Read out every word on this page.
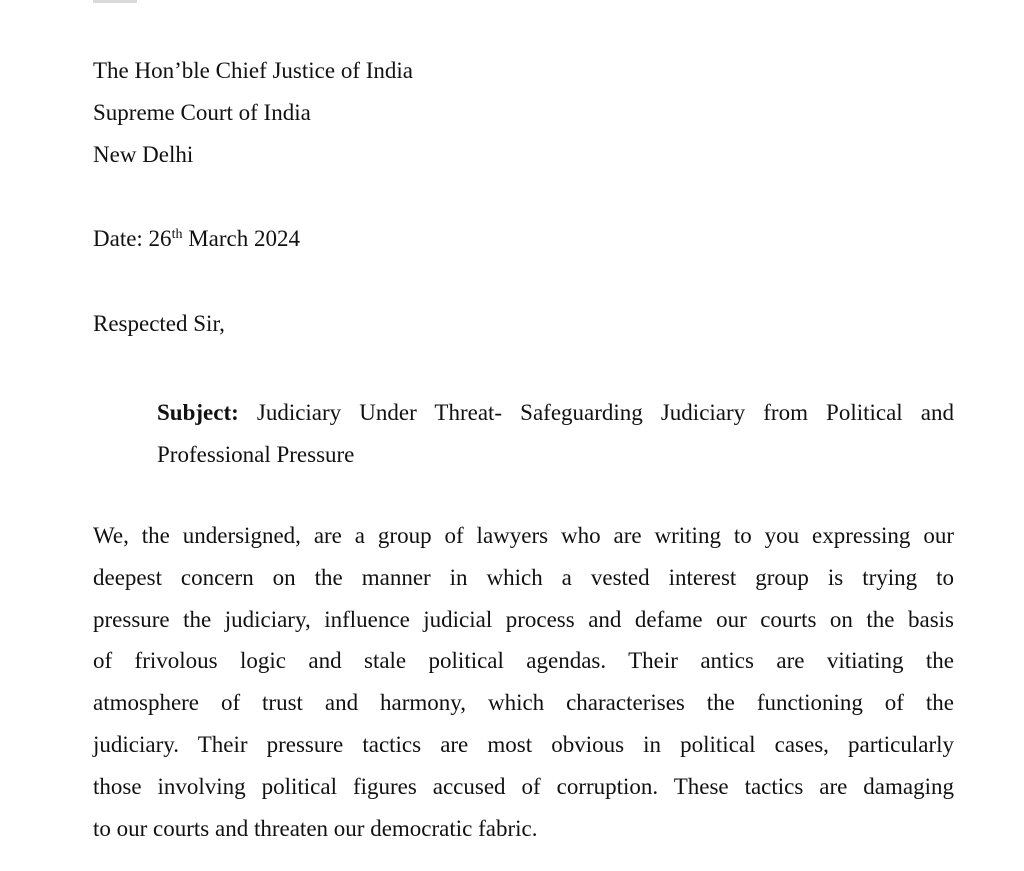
The Hon’ble Chief Justice of India
Supreme Court of India
New Delhi
Date: 26th March 2024
Respected Sir,
Subject: Judiciary Under Threat- Safeguarding Judiciary from Political and
Professional Pressure
We, the undersigned, are a group of lawyers who are writing to you expressing our
deepest concern on the manner in which a vested interest group is trying to
pressure the judiciary, influence judicial process and defame our courts on the basis
of frivolous logic and stale political agendas. Their antics are vitiating the
atmosphere of trust and harmony, which characterises the functioning of the
judiciary. Their pressure tactics are most obvious in political cases, particularly
those involving political figures accused of corruption. These tactics are damaging
to our courts and threaten our democratic fabric.
